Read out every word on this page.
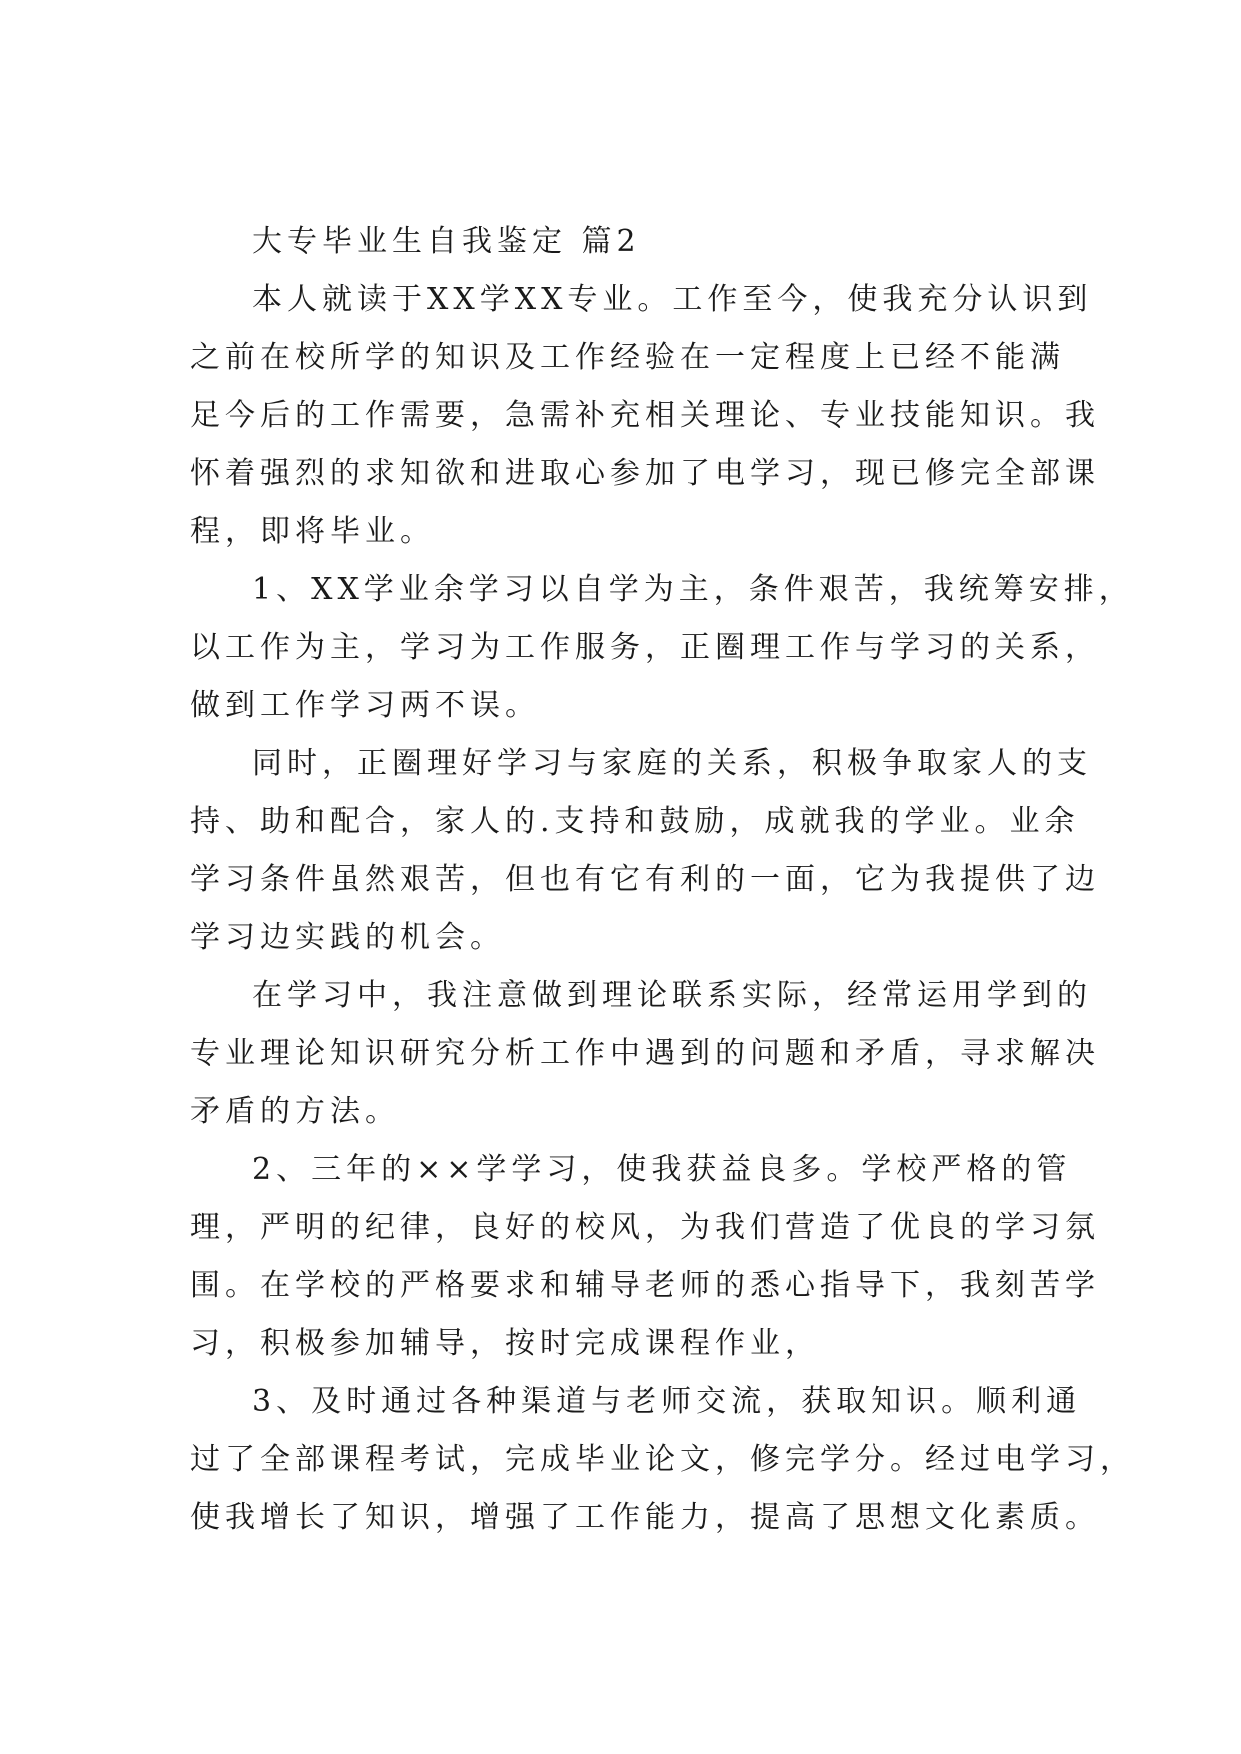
大专毕业生自我鉴定 篇2
本人就读于XX学XX专业。工作至今，使我充分认识到
之前在校所学的知识及工作经验在一定程度上已经不能满
足今后的工作需要，急需补充相关理论、专业技能知识。我
怀着强烈的求知欲和进取心参加了电学习，现已修完全部课
程，即将毕业。
1、XX学业余学习以自学为主，条件艰苦，我统筹安排，
以工作为主，学习为工作服务，正圈理工作与学习的关系，
做到工作学习两不误。
同时，正圈理好学习与家庭的关系，积极争取家人的支
持、助和配合，家人的.支持和鼓励，成就我的学业。业余
学习条件虽然艰苦，但也有它有利的一面，它为我提供了边
学习边实践的机会。
在学习中，我注意做到理论联系实际，经常运用学到的
专业理论知识研究分析工作中遇到的问题和矛盾，寻求解决
矛盾的方法。
2、三年的××学学习，使我获益良多。学校严格的管
理，严明的纪律，良好的校风，为我们营造了优良的学习氛
围。在学校的严格要求和辅导老师的悉心指导下，我刻苦学
习，积极参加辅导，按时完成课程作业，
3、及时通过各种渠道与老师交流，获取知识。顺利通
过了全部课程考试，完成毕业论文，修完学分。经过电学习，
使我增长了知识，增强了工作能力，提高了思想文化素质。
